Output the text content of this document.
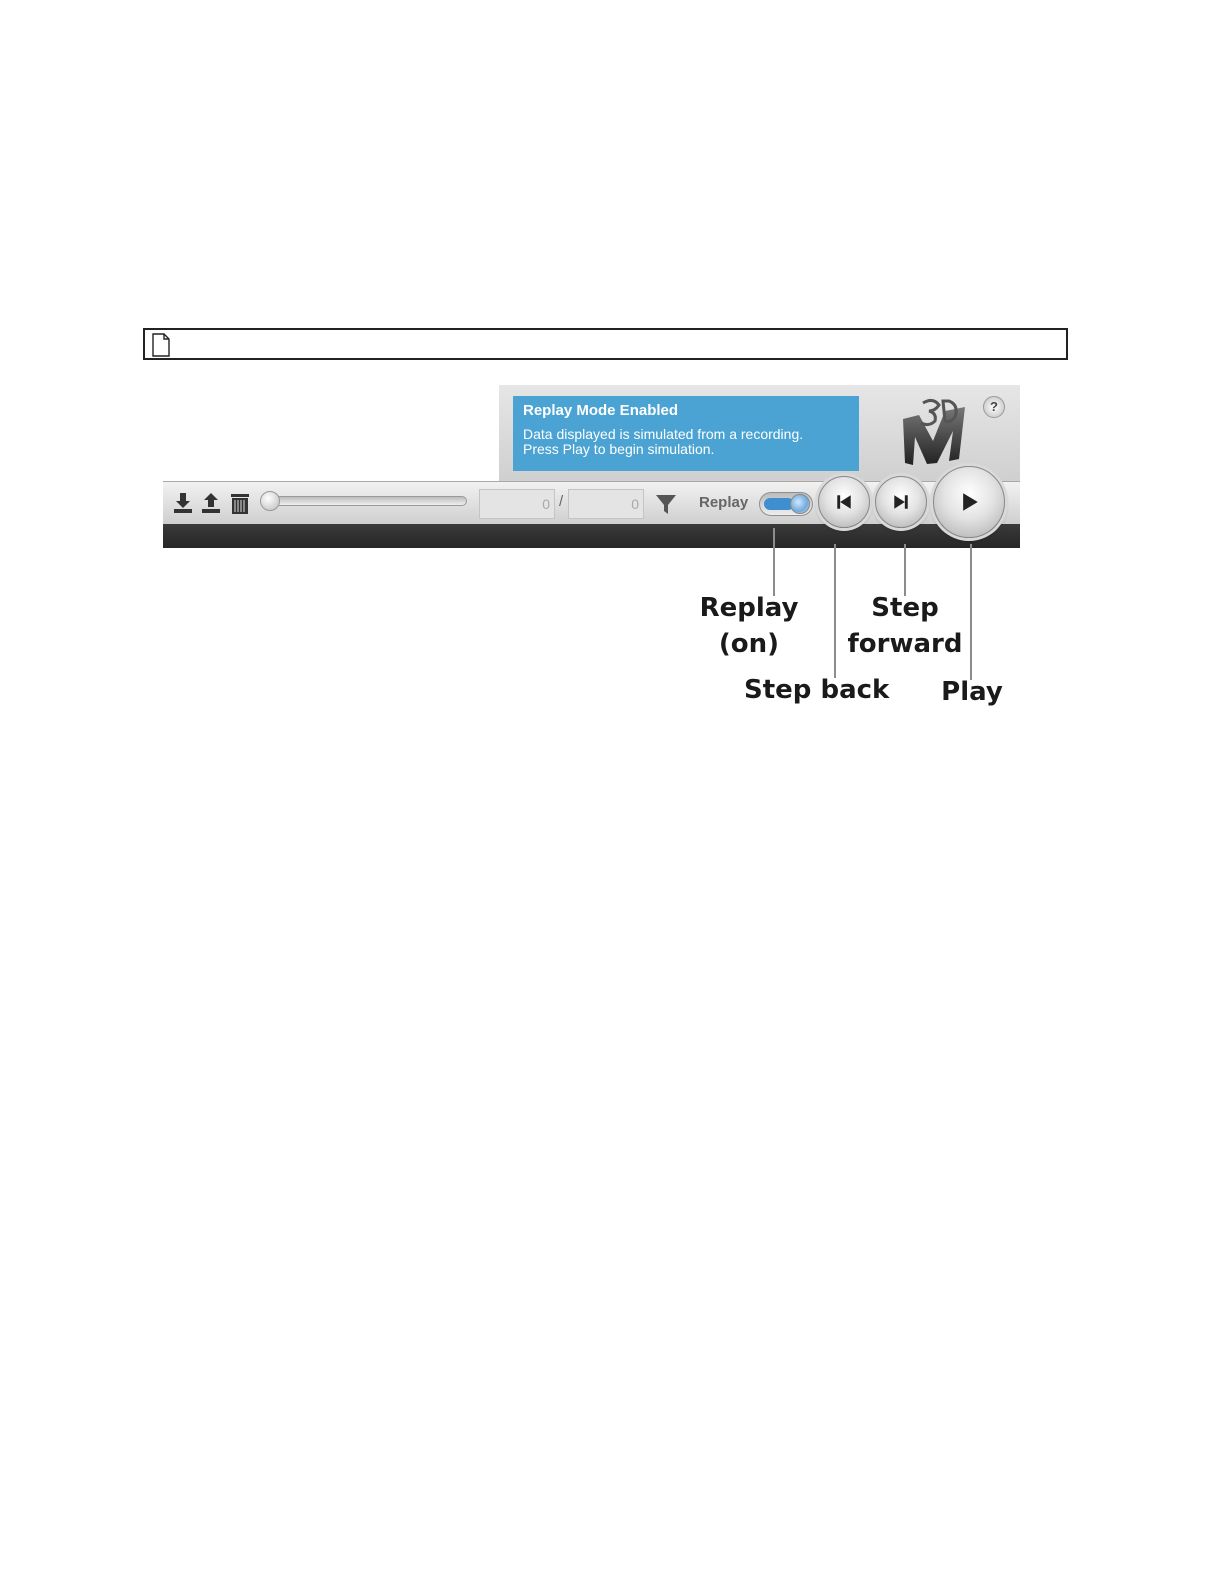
Replay Mode Enabled
Data displayed is simulated from a recording.
Press Play to begin simulation.
?
0 /	0	Replay
Replay
(on)
Step
forward
Step back Play
